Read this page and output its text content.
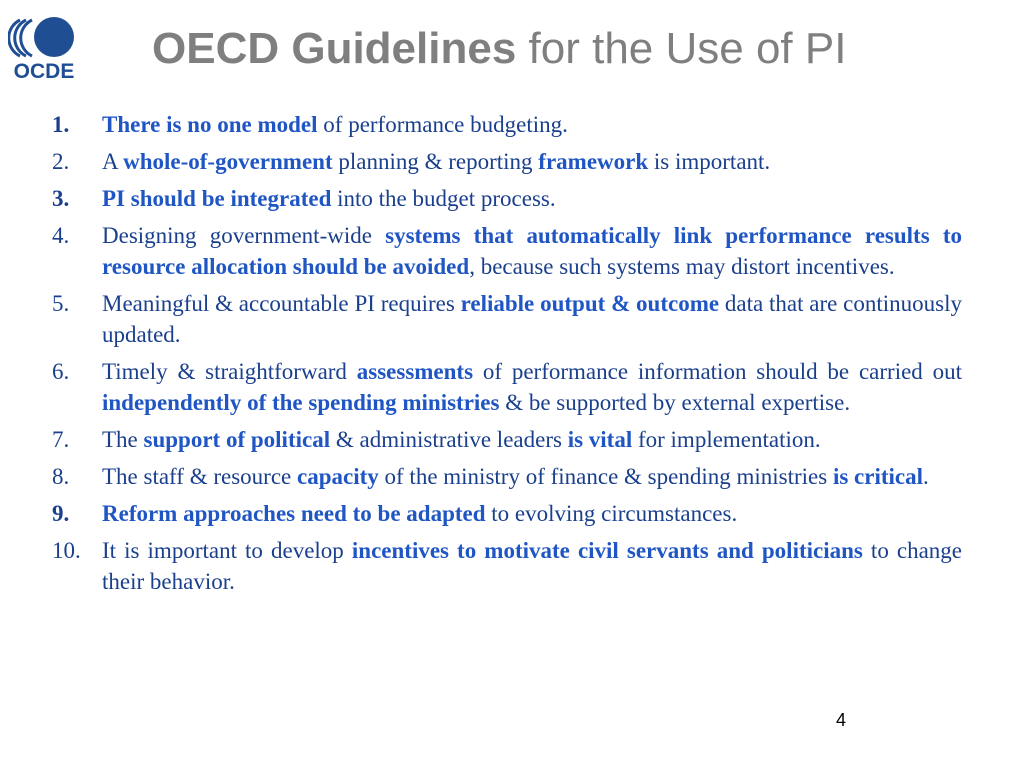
OCDE OECD Guidelines for the Use of PI
1.	There is no one model of performance budgeting.
2.	A whole-of-government planning & reporting framework is important.
3.	PI should be integrated into the budget process.
4.	Designing government-wide systems that automatically link performance results to resource allocation should be avoided, because such systems may distort incentives.
5.	Meaningful & accountable PI requires reliable output & outcome data that are continuously updated.
6.	Timely & straightforward assessments of performance information should be carried out independently of the spending ministries & be supported by external expertise.
7.	The support of political & administrative leaders is vital for implementation.
8.	The staff & resource capacity of the ministry of finance & spending ministries is critical.
9.	Reform approaches need to be adapted to evolving circumstances.
10. It is important to develop incentives to motivate civil servants and politicians to change their behavior.
4
